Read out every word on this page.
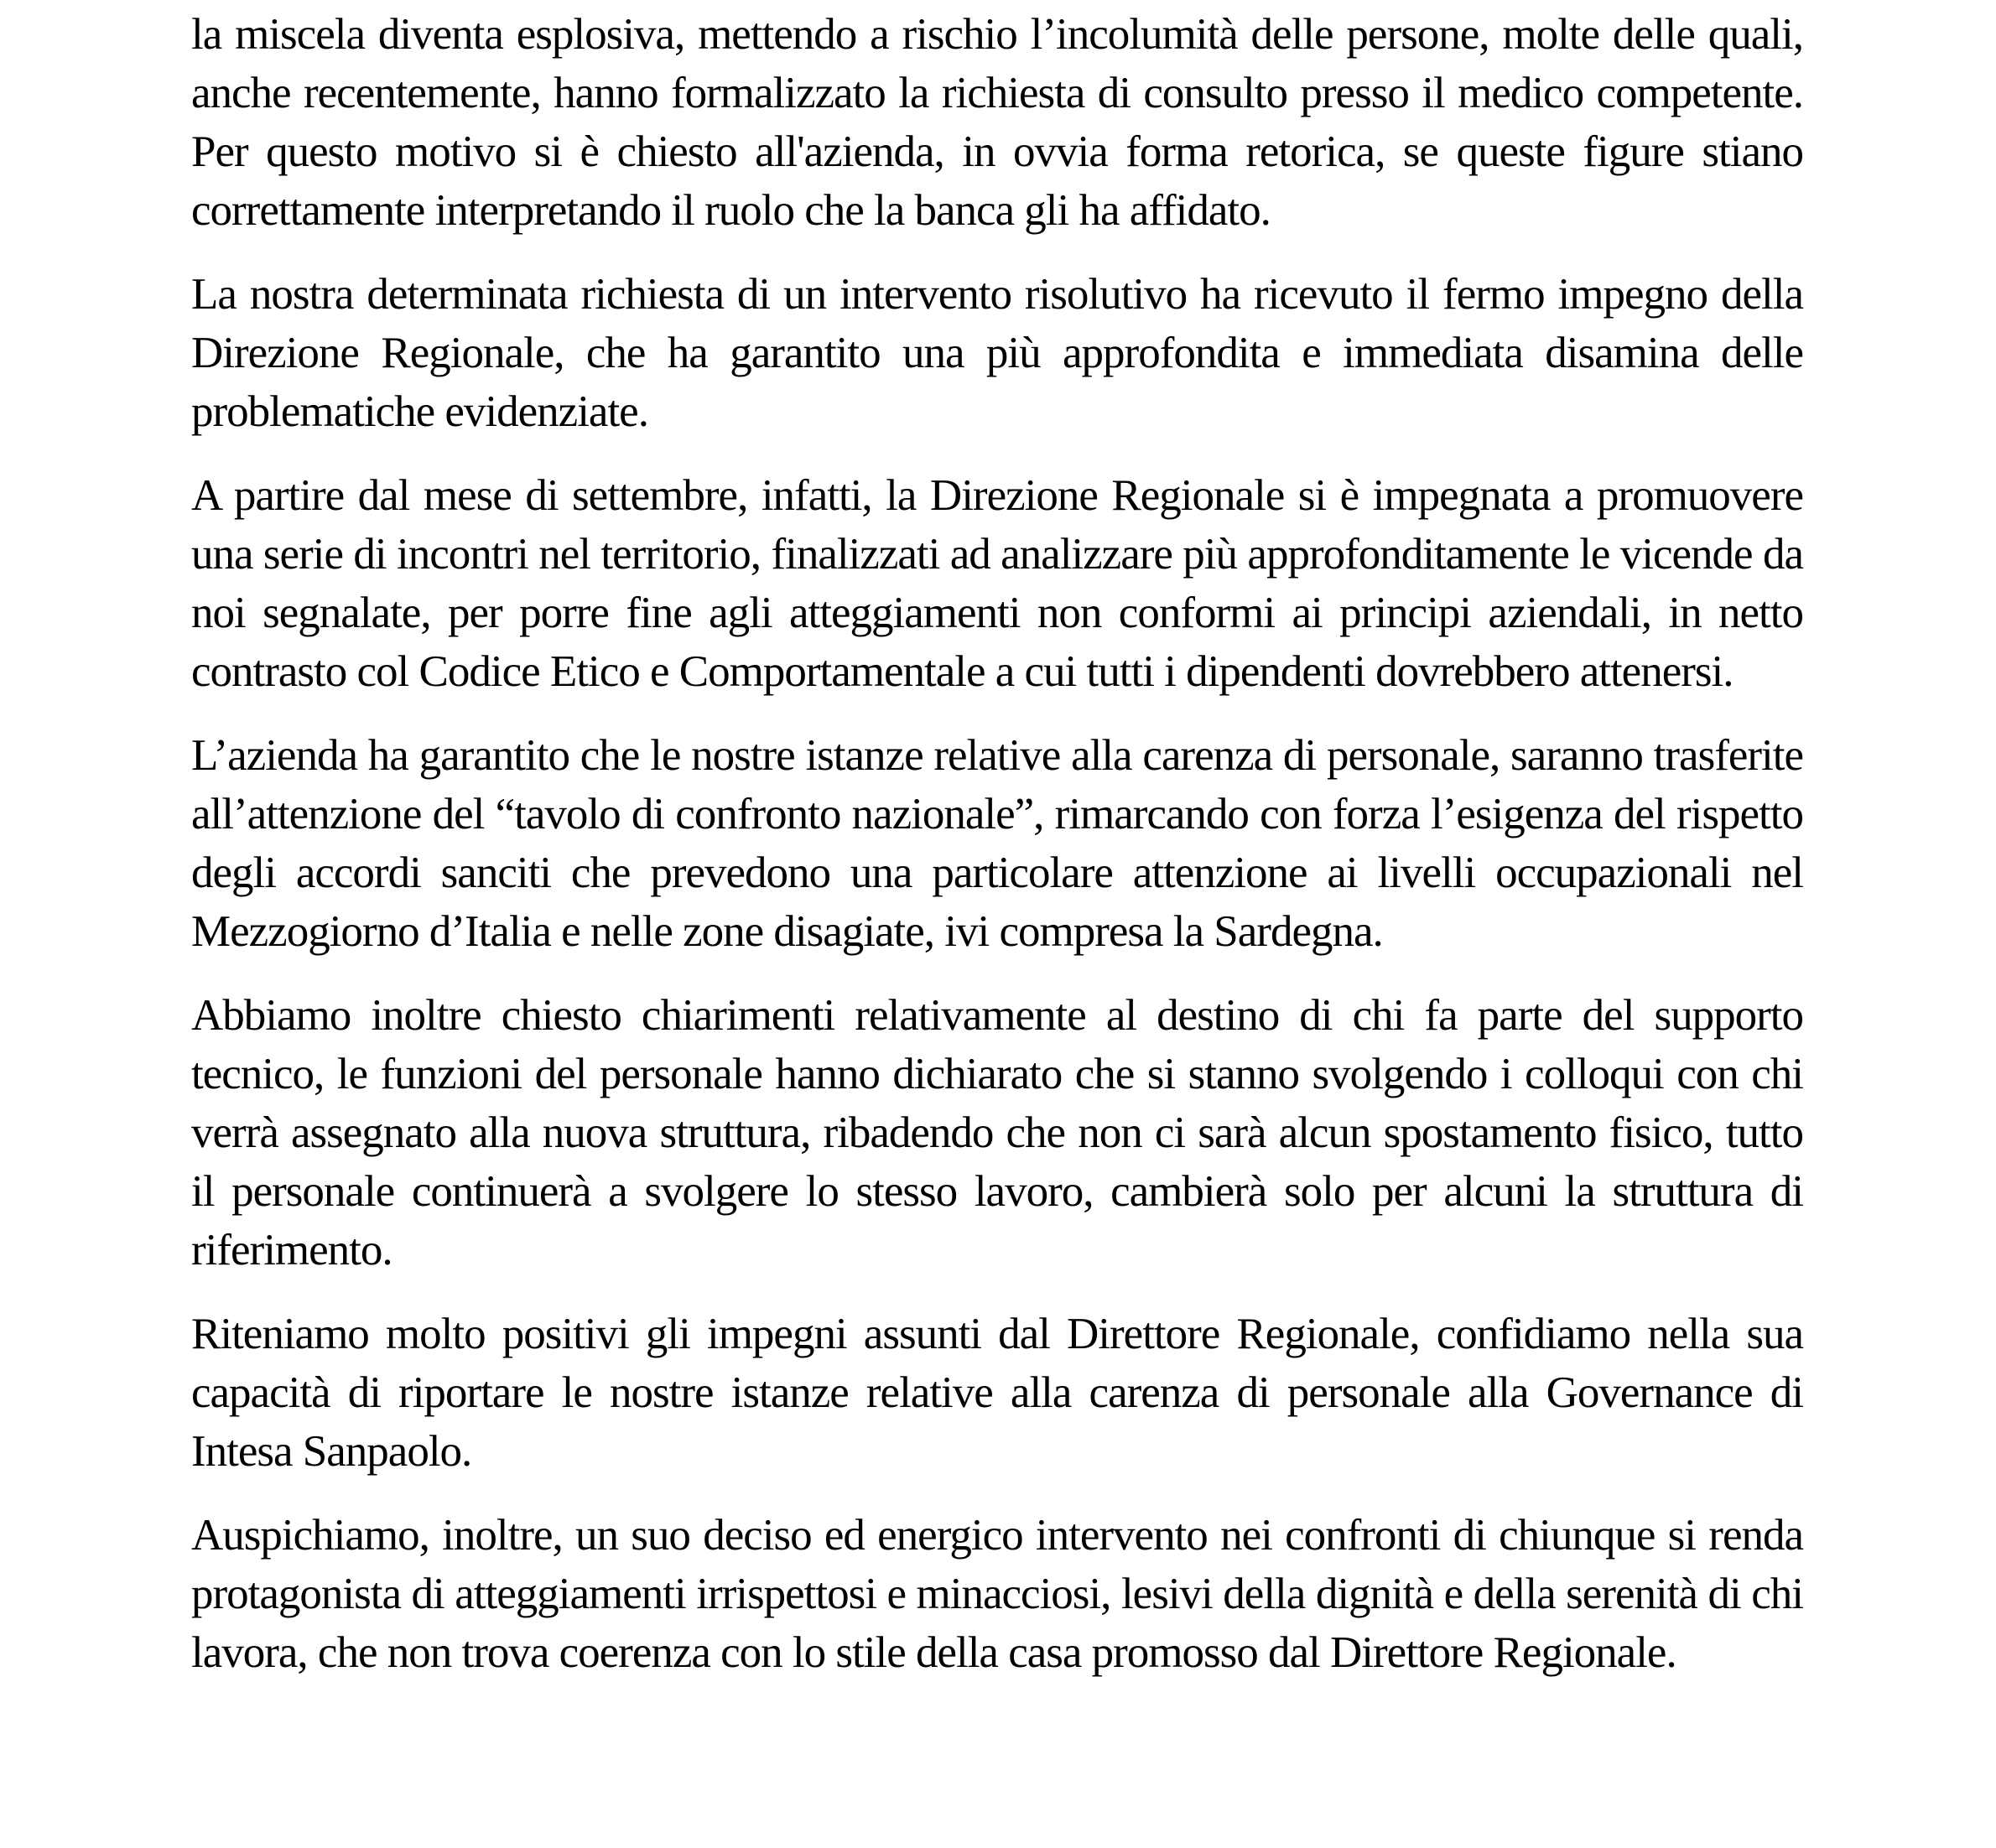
la miscela diventa esplosiva, mettendo a rischio l’incolumità delle persone, molte delle quali, anche recentemente, hanno formalizzato la richiesta di consulto presso il medico competente. Per questo motivo si è chiesto all'azienda, in ovvia forma retorica, se queste figure stiano correttamente interpretando il ruolo che la banca gli ha affidato.

La nostra determinata richiesta di un intervento risolutivo ha ricevuto il fermo impegno della Direzione Regionale, che ha garantito una più approfondita e immediata disamina delle problematiche evidenziate.

A partire dal mese di settembre, infatti, la Direzione Regionale si è impegnata a promuovere una serie di incontri nel territorio, finalizzati ad analizzare più approfonditamente le vicende da noi segnalate, per porre fine agli atteggiamenti non conformi ai principi aziendali, in netto contrasto col Codice Etico e Comportamentale a cui tutti i dipendenti dovrebbero attenersi.

L’azienda ha garantito che le nostre istanze relative alla carenza di personale, saranno trasferite all’attenzione del “tavolo di confronto nazionale”, rimarcando con forza l’esigenza del rispetto degli accordi sanciti che prevedono una particolare attenzione ai livelli occupazionali nel Mezzogiorno d’Italia e nelle zone disagiate, ivi compresa la Sardegna.

Abbiamo inoltre chiesto chiarimenti relativamente al destino di chi fa parte del supporto tecnico, le funzioni del personale hanno dichiarato che si stanno svolgendo i colloqui con chi verrà assegnato alla nuova struttura, ribadendo che non ci sarà alcun spostamento fisico, tutto il personale continuerà a svolgere lo stesso lavoro, cambierà solo per alcuni la struttura di riferimento.

Riteniamo molto positivi gli impegni assunti dal Direttore Regionale, confidiamo nella sua capacità di riportare le nostre istanze relative alla carenza di personale alla Governance di Intesa Sanpaolo.

Auspichiamo, inoltre, un suo deciso ed energico intervento nei confronti di chiunque si renda protagonista di atteggiamenti irrispettosi e minacciosi, lesivi della dignità e della serenità di chi lavora, che non trova coerenza con lo stile della casa promosso dal Direttore Regionale.
